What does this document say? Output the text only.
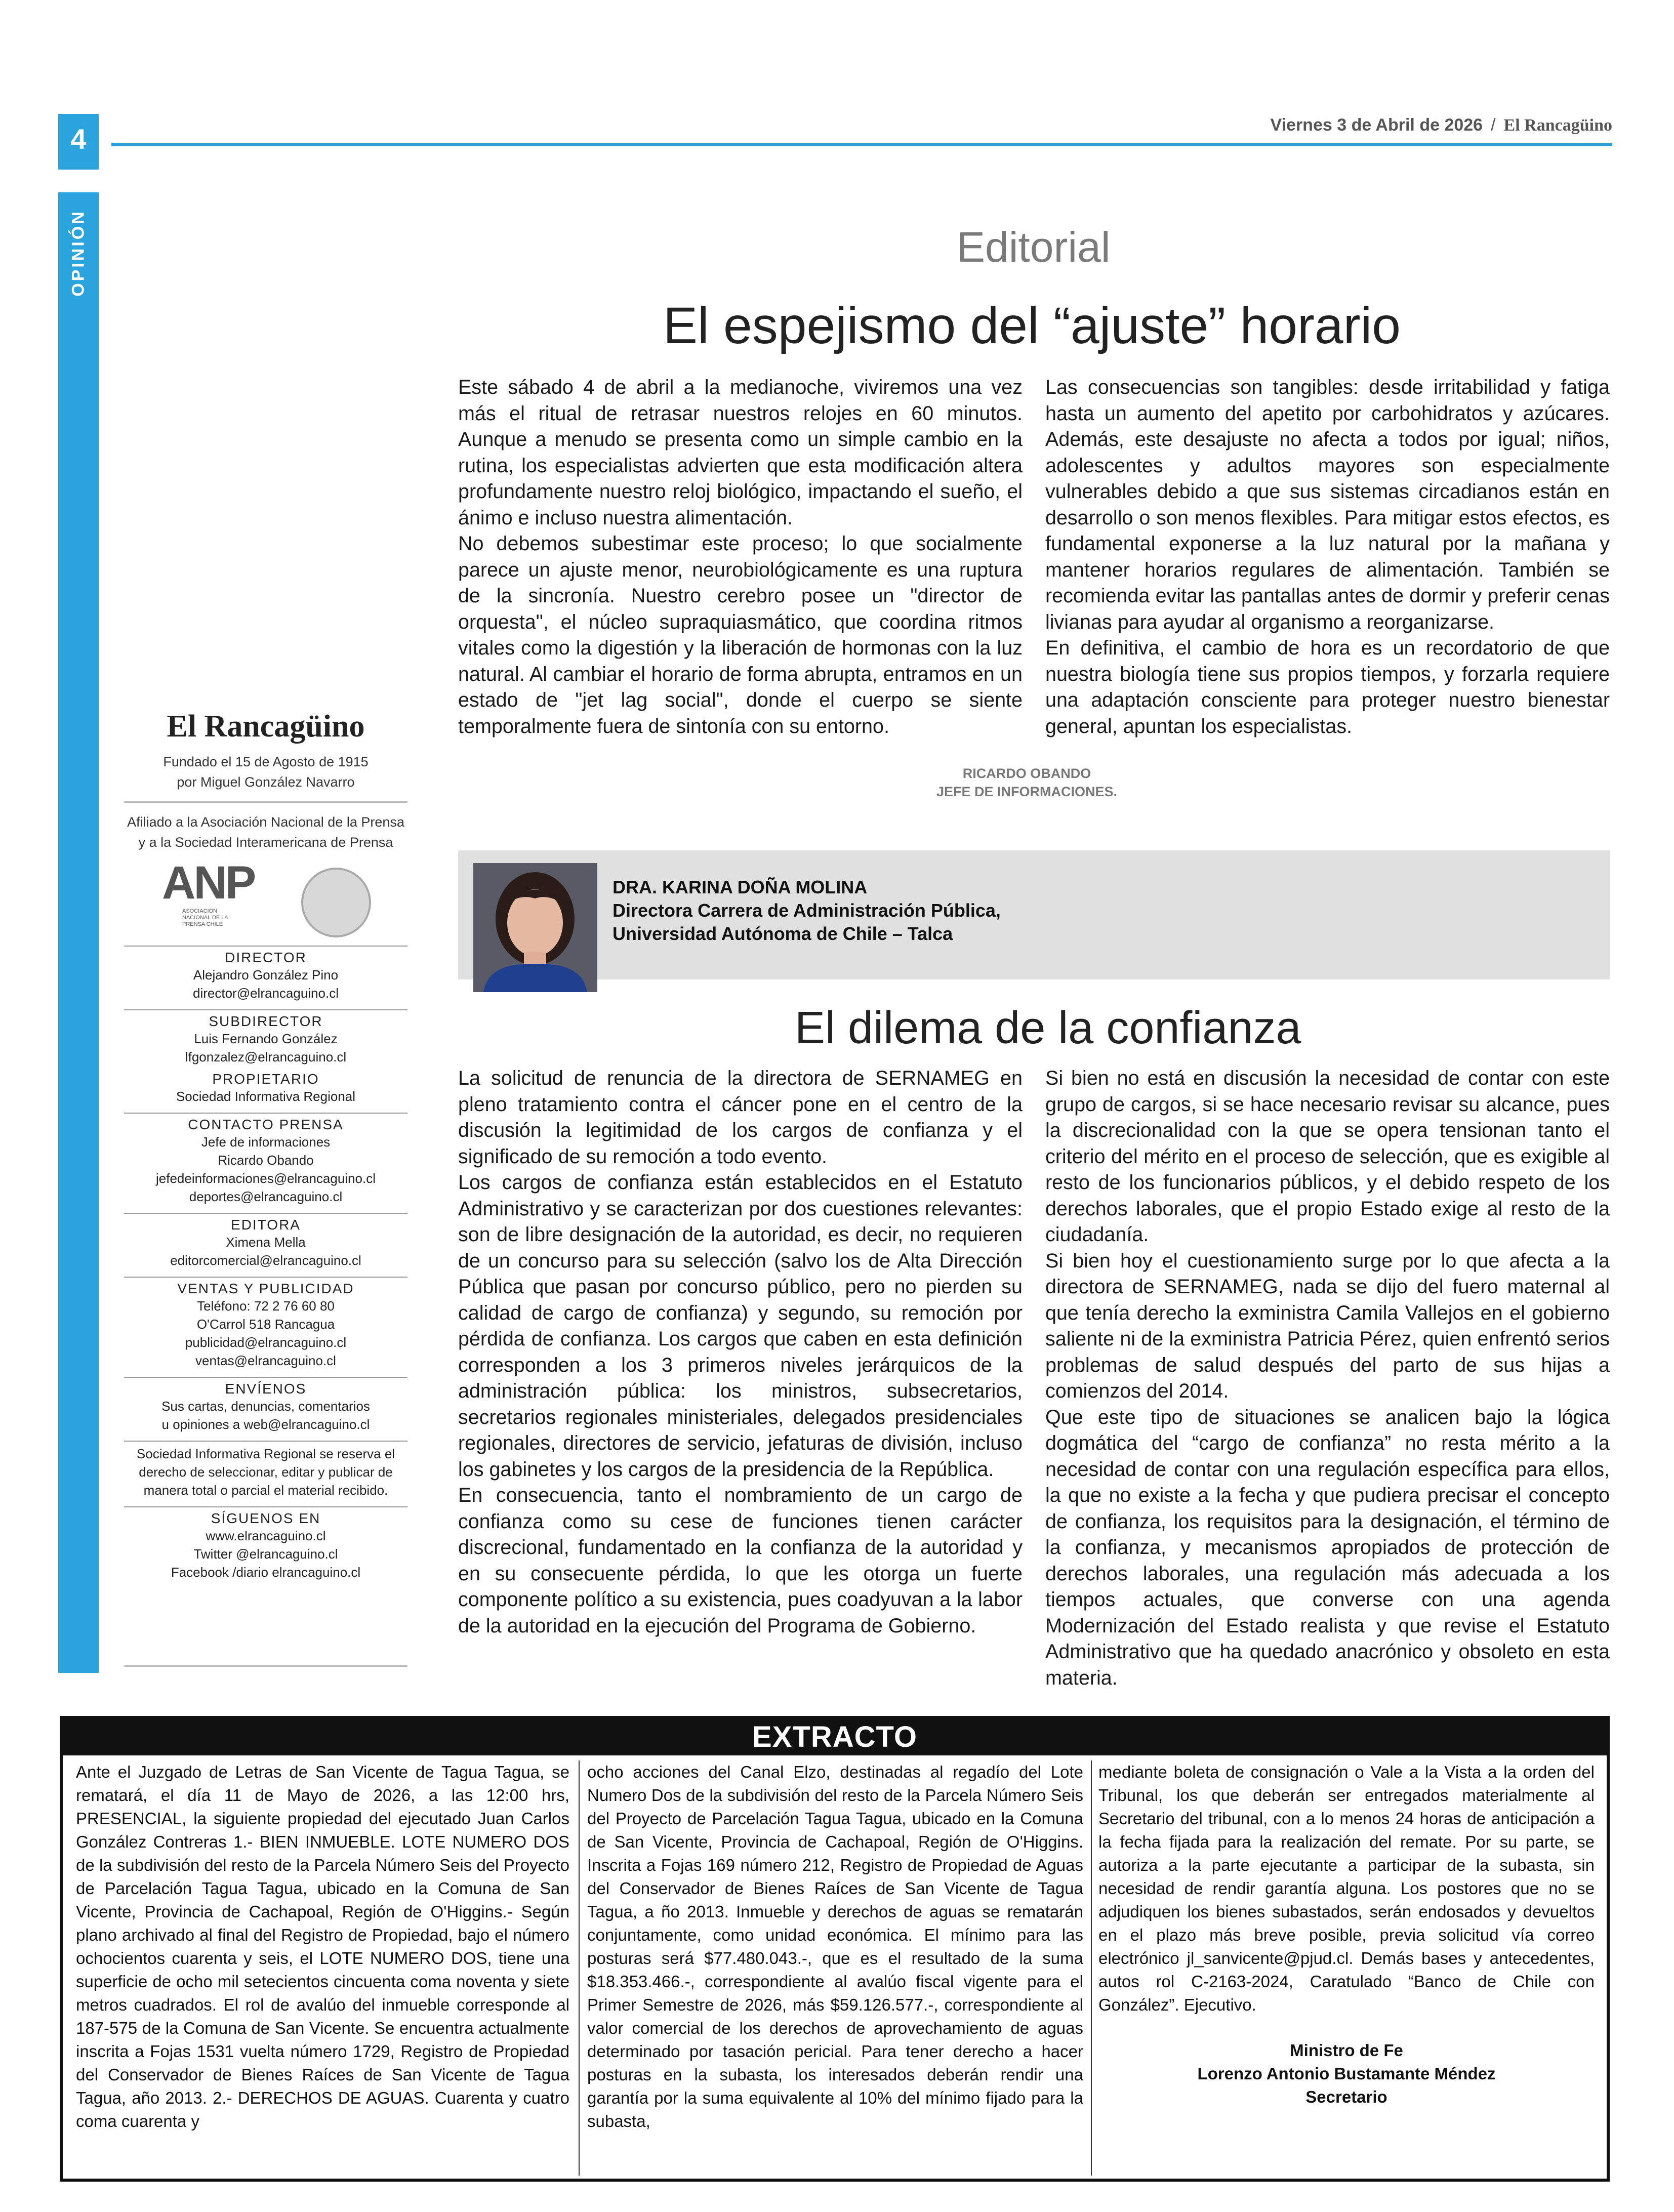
4
OPINIÓN
Viernes 3 de Abril de 2026 / El Rancagüino
El Rancagüino
Fundado el 15 de Agosto de 1915
por Miguel González Navarro
Afiliado a la Asociación Nacional de la Prensa
y a la Sociedad Interamericana de Prensa
ANP
ASOCIACIÓN NACIONAL DE LA PRENSA CHILE
DIRECTOR
Alejandro González Pino
director@elrancaguino.cl
SUBDIRECTOR
Luis Fernando González
lfgonzalez@elrancaguino.cl
PROPIETARIO
Sociedad Informativa Regional
CONTACTO PRENSA
Jefe de informaciones
Ricardo Obando
jefedeinformaciones@elrancaguino.cl
deportes@elrancaguino.cl
EDITORA
Ximena Mella
editorcomercial@elrancaguino.cl
VENTAS Y PUBLICIDAD
Teléfono: 72 2 76 60 80
O'Carrol 518 Rancagua
publicidad@elrancaguino.cl
ventas@elrancaguino.cl
ENVÍENOS
Sus cartas, denuncias, comentarios
u opiniones a web@elrancaguino.cl
Sociedad Informativa Regional se reserva el
derecho de seleccionar, editar y publicar de
manera total o parcial el material recibido.
SÍGUENOS EN
www.elrancaguino.cl
Twitter @elrancaguino.cl
Facebook /diario elrancaguino.cl
Editorial
El espejismo del “ajuste” horario

Este sábado 4 de abril a la medianoche, viviremos una vez más el ritual de retrasar nuestros relojes en 60 minutos. Aunque a menudo se presenta como un simple cambio en la rutina, los especialistas advierten que esta modificación altera profundamente nuestro reloj biológico, impactando el sueño, el ánimo e incluso nuestra alimentación.

No debemos subestimar este proceso; lo que socialmente parece un ajuste menor, neurobiológicamente es una ruptura de la sincronía. Nuestro cerebro posee un "director de orquesta", el núcleo supraquiasmático, que coordina ritmos vitales como la digestión y la liberación de hormonas con la luz natural. Al cambiar el horario de forma abrupta, entramos en un estado de "jet lag social", donde el cuerpo se siente temporalmente fuera de sintonía con su entorno.

Las consecuencias son tangibles: desde irritabilidad y fatiga hasta un aumento del apetito por carbohidratos y azúcares. Además, este desajuste no afecta a todos por igual; niños, adolescentes y adultos mayores son especialmente vulnerables debido a que sus sistemas circadianos están en desarrollo o son menos flexibles. Para mitigar estos efectos, es fundamental exponerse a la luz natural por la mañana y mantener horarios regulares de alimentación. También se recomienda evitar las pantallas antes de dormir y preferir cenas livianas para ayudar al organismo a reorganizarse.

En definitiva, el cambio de hora es un recordatorio de que nuestra biología tiene sus propios tiempos, y forzarla requiere una adaptación consciente para proteger nuestro bienestar general, apuntan los especialistas.

RICARDO OBANDO
JEFE DE INFORMACIONES.
DRA. KARINA DOÑA MOLINA
Directora Carrera de Administración Pública,
Universidad Autónoma de Chile – Talca
El dilema de la confianza

La solicitud de renuncia de la directora de SERNAMEG en pleno tratamiento contra el cáncer pone en el centro de la discusión la legitimidad de los cargos de confianza y el significado de su remoción a todo evento.

Los cargos de confianza están establecidos en el Estatuto Administrativo y se caracterizan por dos cuestiones relevantes: son de libre designación de la autoridad, es decir, no requieren de un concurso para su selección (salvo los de Alta Dirección Pública que pasan por concurso público, pero no pierden su calidad de cargo de confianza) y segundo, su remoción por pérdida de confianza. Los cargos que caben en esta definición corresponden a los 3 primeros niveles jerárquicos de la administración pública: los ministros, subsecretarios, secretarios regionales ministeriales, delegados presidenciales regionales, directores de servicio, jefaturas de división, incluso los gabinetes y los cargos de la presidencia de la República.

En consecuencia, tanto el nombramiento de un cargo de confianza como su cese de funciones tienen carácter discrecional, fundamentado en la confianza de la autoridad y en su consecuente pérdida, lo que les otorga un fuerte componente político a su existencia, pues coadyuvan a la labor de la autoridad en la ejecución del Programa de Gobierno.

Si bien no está en discusión la necesidad de contar con este grupo de cargos, si se hace necesario revisar su alcance, pues la discrecionalidad con la que se opera tensionan tanto el criterio del mérito en el proceso de selección, que es exigible al resto de los funcionarios públicos, y el debido respeto de los derechos laborales, que el propio Estado exige al resto de la ciudadanía.

Si bien hoy el cuestionamiento surge por lo que afecta a la directora de SERNAMEG, nada se dijo del fuero maternal al que tenía derecho la exministra Camila Vallejos en el gobierno saliente ni de la exministra Patricia Pérez, quien enfrentó serios problemas de salud después del parto de sus hijas a comienzos del 2014.

Que este tipo de situaciones se analicen bajo la lógica dogmática del “cargo de confianza” no resta mérito a la necesidad de contar con una regulación específica para ellos, la que no existe a la fecha y que pudiera precisar el concepto de confianza, los requisitos para la designación, el término de la confianza, y mecanismos apropiados de protección de derechos laborales, una regulación más adecuada a los tiempos actuales, que converse con una agenda Modernización del Estado realista y que revise el Estatuto Administrativo que ha quedado anacrónico y obsoleto en esta materia.

EXTRACTO

Ante el Juzgado de Letras de San Vicente de Tagua Tagua, se rematará, el día 11 de Mayo de 2026, a las 12:00 hrs, PRESENCIAL, la siguiente propiedad del ejecutado Juan Carlos González Contreras 1.- BIEN INMUEBLE. LOTE NUMERO DOS de la subdivisión del resto de la Parcela Número Seis del Proyecto de Parcelación Tagua Tagua, ubicado en la Comuna de San Vicente, Provincia de Cachapoal, Región de O'Higgins.- Según plano archivado al final del Registro de Propiedad, bajo el número ochocientos cuarenta y seis, el LOTE NUMERO DOS, tiene una superficie de ocho mil setecientos cincuenta coma noventa y siete metros cuadrados. El rol de avalúo del inmueble corresponde al 187-575 de la Comuna de San Vicente. Se encuentra actualmente inscrita a Fojas 1531 vuelta número 1729, Registro de Propiedad del Conservador de Bienes Raíces de San Vicente de Tagua Tagua, año 2013. 2.- DERECHOS DE AGUAS. Cuarenta y cuatro coma cuarenta y

ocho acciones del Canal Elzo, destinadas al regadío del Lote Numero Dos de la subdivisión del resto de la Parcela Número Seis del Proyecto de Parcelación Tagua Tagua, ubicado en la Comuna de San Vicente, Provincia de Cachapoal, Región de O'Higgins. Inscrita a Fojas 169 número 212, Registro de Propiedad de Aguas del Conservador de Bienes Raíces de San Vicente de Tagua Tagua, a ño 2013. Inmueble y derechos de aguas se rematarán conjuntamente, como unidad económica. El mínimo para las posturas será $77.480.043.-, que es el resultado de la suma $18.353.466.-, correspondiente al avalúo fiscal vigente para el Primer Semestre de 2026, más $59.126.577.-, correspondiente al valor comercial de los derechos de aprovechamiento de aguas determinado por tasación pericial. Para tener derecho a hacer posturas en la subasta, los interesados deberán rendir una garantía por la suma equivalente al 10% del mínimo fijado para la subasta,

mediante boleta de consignación o Vale a la Vista a la orden del Tribunal, los que deberán ser entregados materialmente al Secretario del tribunal, con a lo menos 24 horas de anticipación a la fecha fijada para la realización del remate. Por su parte, se autoriza a la parte ejecutante a participar de la subasta, sin necesidad de rendir garantía alguna. Los postores que no se adjudiquen los bienes subastados, serán endosados y devueltos en el plazo más breve posible, previa solicitud vía correo electrónico jl_sanvicente@pjud.cl. Demás bases y antecedentes, autos rol C-2163-2024, Caratulado “Banco de Chile con González”. Ejecutivo.

Ministro de Fe
Lorenzo Antonio Bustamante Méndez
Secretario
